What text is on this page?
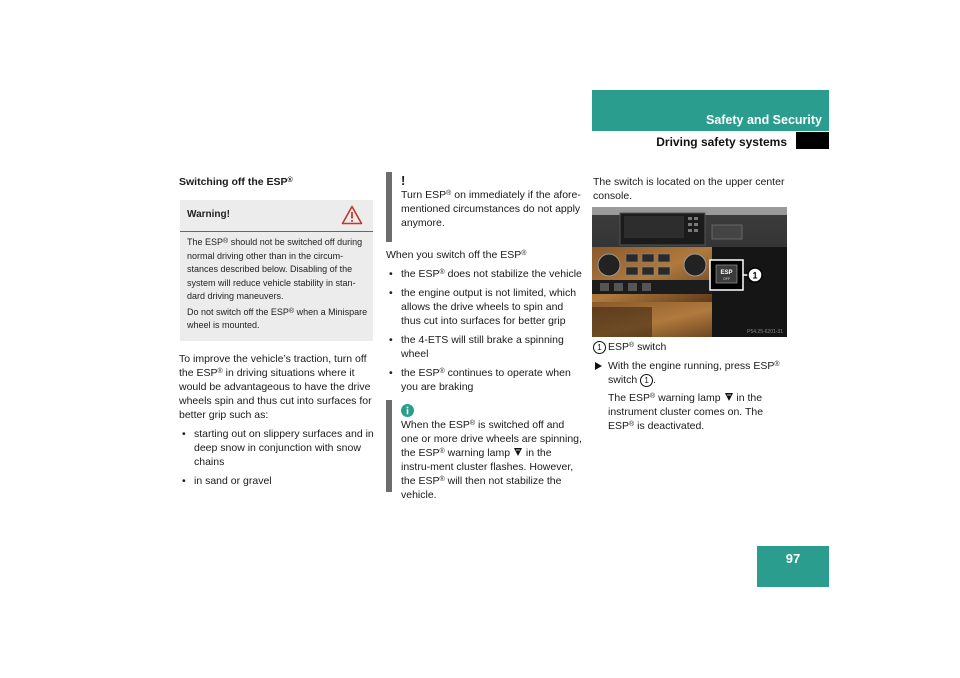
Safety and Security
Driving safety systems
Switching off the ESP®
Warning!

The ESP® should not be switched off during normal driving other than in the circum-stances described below. Disabling of the system will reduce vehicle stability in stan-dard driving maneuvers.

Do not switch off the ESP® when a Minispare wheel is mounted.

To improve the vehicle’s traction, turn off the ESP® in driving situations where it would be advantageous to have the drive wheels spin and thus cut into surfaces for better grip such as:

• starting out on slippery surfaces and in deep snow in conjunction with snow chains
• in sand or gravel
!

Turn ESP® on immediately if the afore-mentioned circumstances do not apply anymore.

When you switch off the ESP®

• the ESP® does not stabilize the vehicle
• the engine output is not limited, which allows the drive wheels to spin and thus cut into surfaces for better grip
• the 4-ETS will still brake a spinning wheel
• the ESP® continues to operate when you are braking

When the ESP® is switched off and one or more drive wheels are spinning, the ESP® warning lamp  in the instru-ment cluster flashes. However, the ESP® will then not stabilize the vehicle.

The switch is located on the upper center console.
ESP
OFF 1
P54.25-6201-31

1 ESP® switch

With the engine running, press ESP®
switch 1 .

The ESP® warning lamp  in the instrument cluster comes on. The ESP® is deactivated.

97
